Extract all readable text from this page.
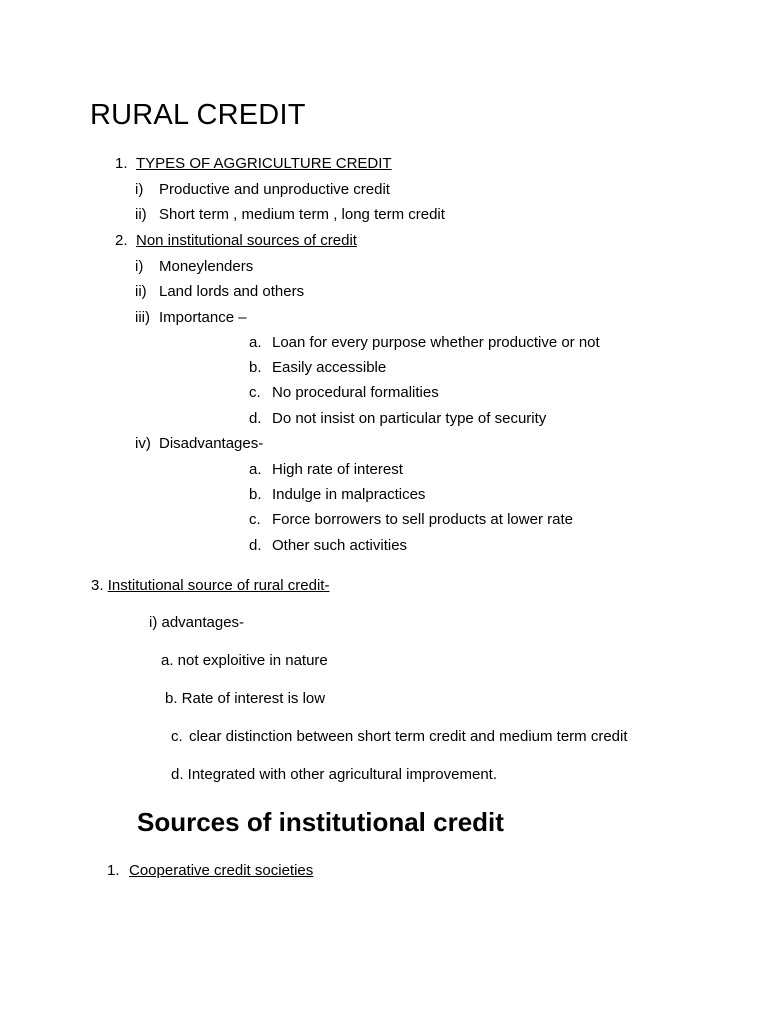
RURAL CREDIT
1. TYPES OF AGGRICULTURE CREDIT
i) Productive and unproductive credit
ii) Short term , medium term , long term credit
2. Non institutional sources of credit
i) Moneylenders
ii) Land lords and others
iii) Importance –
a. Loan for every purpose whether productive or not
b. Easily accessible
c. No procedural formalities
d. Do not insist on particular type of security
iv) Disadvantages-
a. High rate of interest
b. Indulge in malpractices
c. Force borrowers to sell products at lower rate
d. Other such activities
3. Institutional source of rural credit-
i) advantages-
a. not exploitive in nature
b. Rate of interest is low
c. clear distinction between short term credit and medium term credit
d. Integrated with other agricultural improvement.
Sources of institutional credit
1. Cooperative credit societies
